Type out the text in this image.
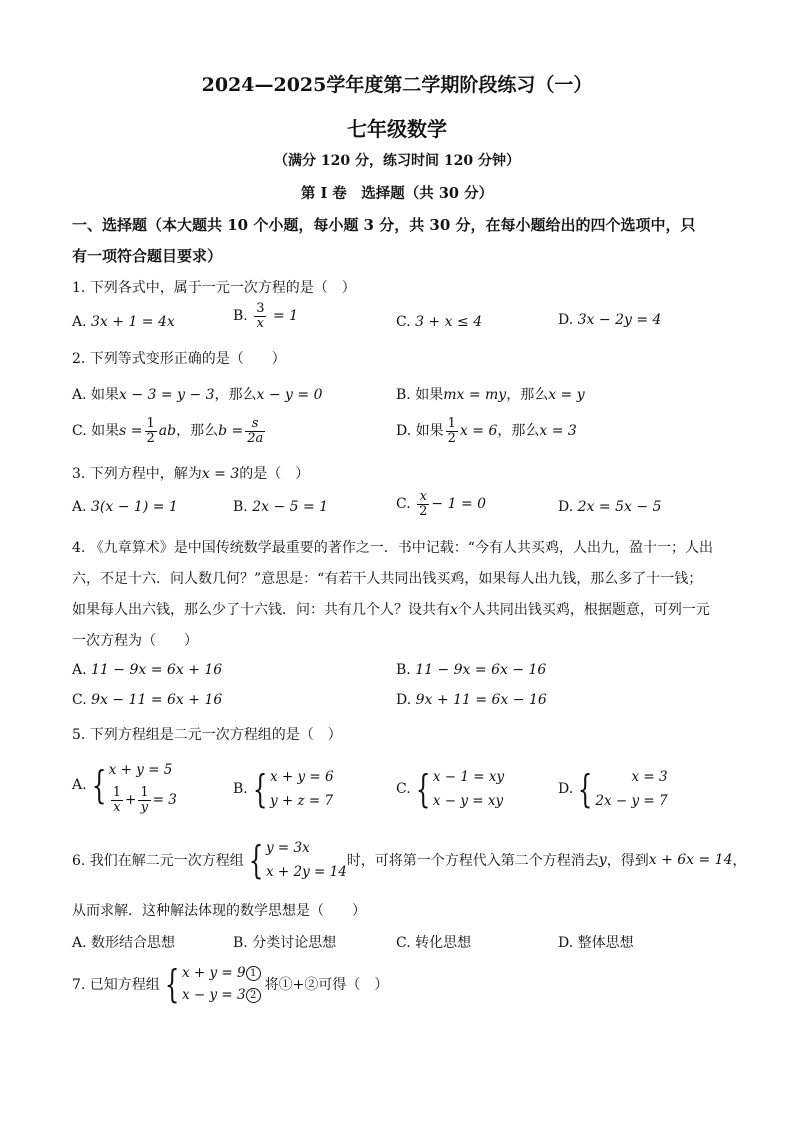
2024—2025学年度第二学期阶段练习（一）
七年级数学
（满分 120 分，练习时间 120 分钟）
第 I 卷　选择题（共 30 分）
一、选择题（本大题共 10 个小题，每小题 3 分，共 30 分，在每小题给出的四个选项中，只
有一项符合题目要求）
1. 下列各式中，属于一元一次方程的是（　）
A. 3x + 1 = 4x	B. $\frac{3}{x} = 1$	C. 3 + x ≤ 4	D. 3x − 2y = 4
2. 下列等式变形正确的是（　　）
A. 如果x − 3 = y − 3，那么x − y = 0	B. 如果mx = my，那么x = y
C. 如果$s = \frac{1}{2}$ ab，那么$b = \frac{s}{2a}$	D. 如果 $\frac{1}{2}$ x = 6，那么x = 3
3. 下列方程中，解为x = 3的是（　）
A. 3(x − 1) = 1	B. 2x − 5 = 1	C. $\frac{x}{2} - 1 = 0$	D. 2x = 5x − 5
4. 《九章算术》是中国传统数学最重要的著作之一．书中记载：“今有人共买鸡，人出九，盈十一；人出
六，不足十六．问人数几何？”意思是：“有若干人共同出钱买鸡，如果每人出九钱，那么多了十一钱；
如果每人出六钱，那么少了十六钱．问：共有几个人？设共有x个人共同出钱买鸡，根据题意，可列一元
一次方程为（　　）
A. 11 − 9x = 6x + 16	B. 11 − 9x = 6x − 16
C. 9x − 11 = 6x + 16	D. 9x + 11 = 6x − 16
5. 下列方程组是二元一次方程组的是（　）
A. { x + y = 5
$\frac{1}{x} + \frac{1}{y} = 3$
B. { x + y = 6
y + z = 7
C. { x − 1 = xy
x − y = xy
D. {	x = 3
2x − y = 7
6. 我们在解二元一次方程组 { y = 3x
x + 2y = 14
时，可将第一个方程代入第二个方程消去y，得到x + 6x = 14，
从而求解．这种解法体现的数学思想是（　　）
A. 数形结合思想	B. 分类讨论思想	C. 转化思想	D. 整体思想
7. 已知方程组 { x + y = 9 1
x − y = 3 2
将①+②可得（　）
